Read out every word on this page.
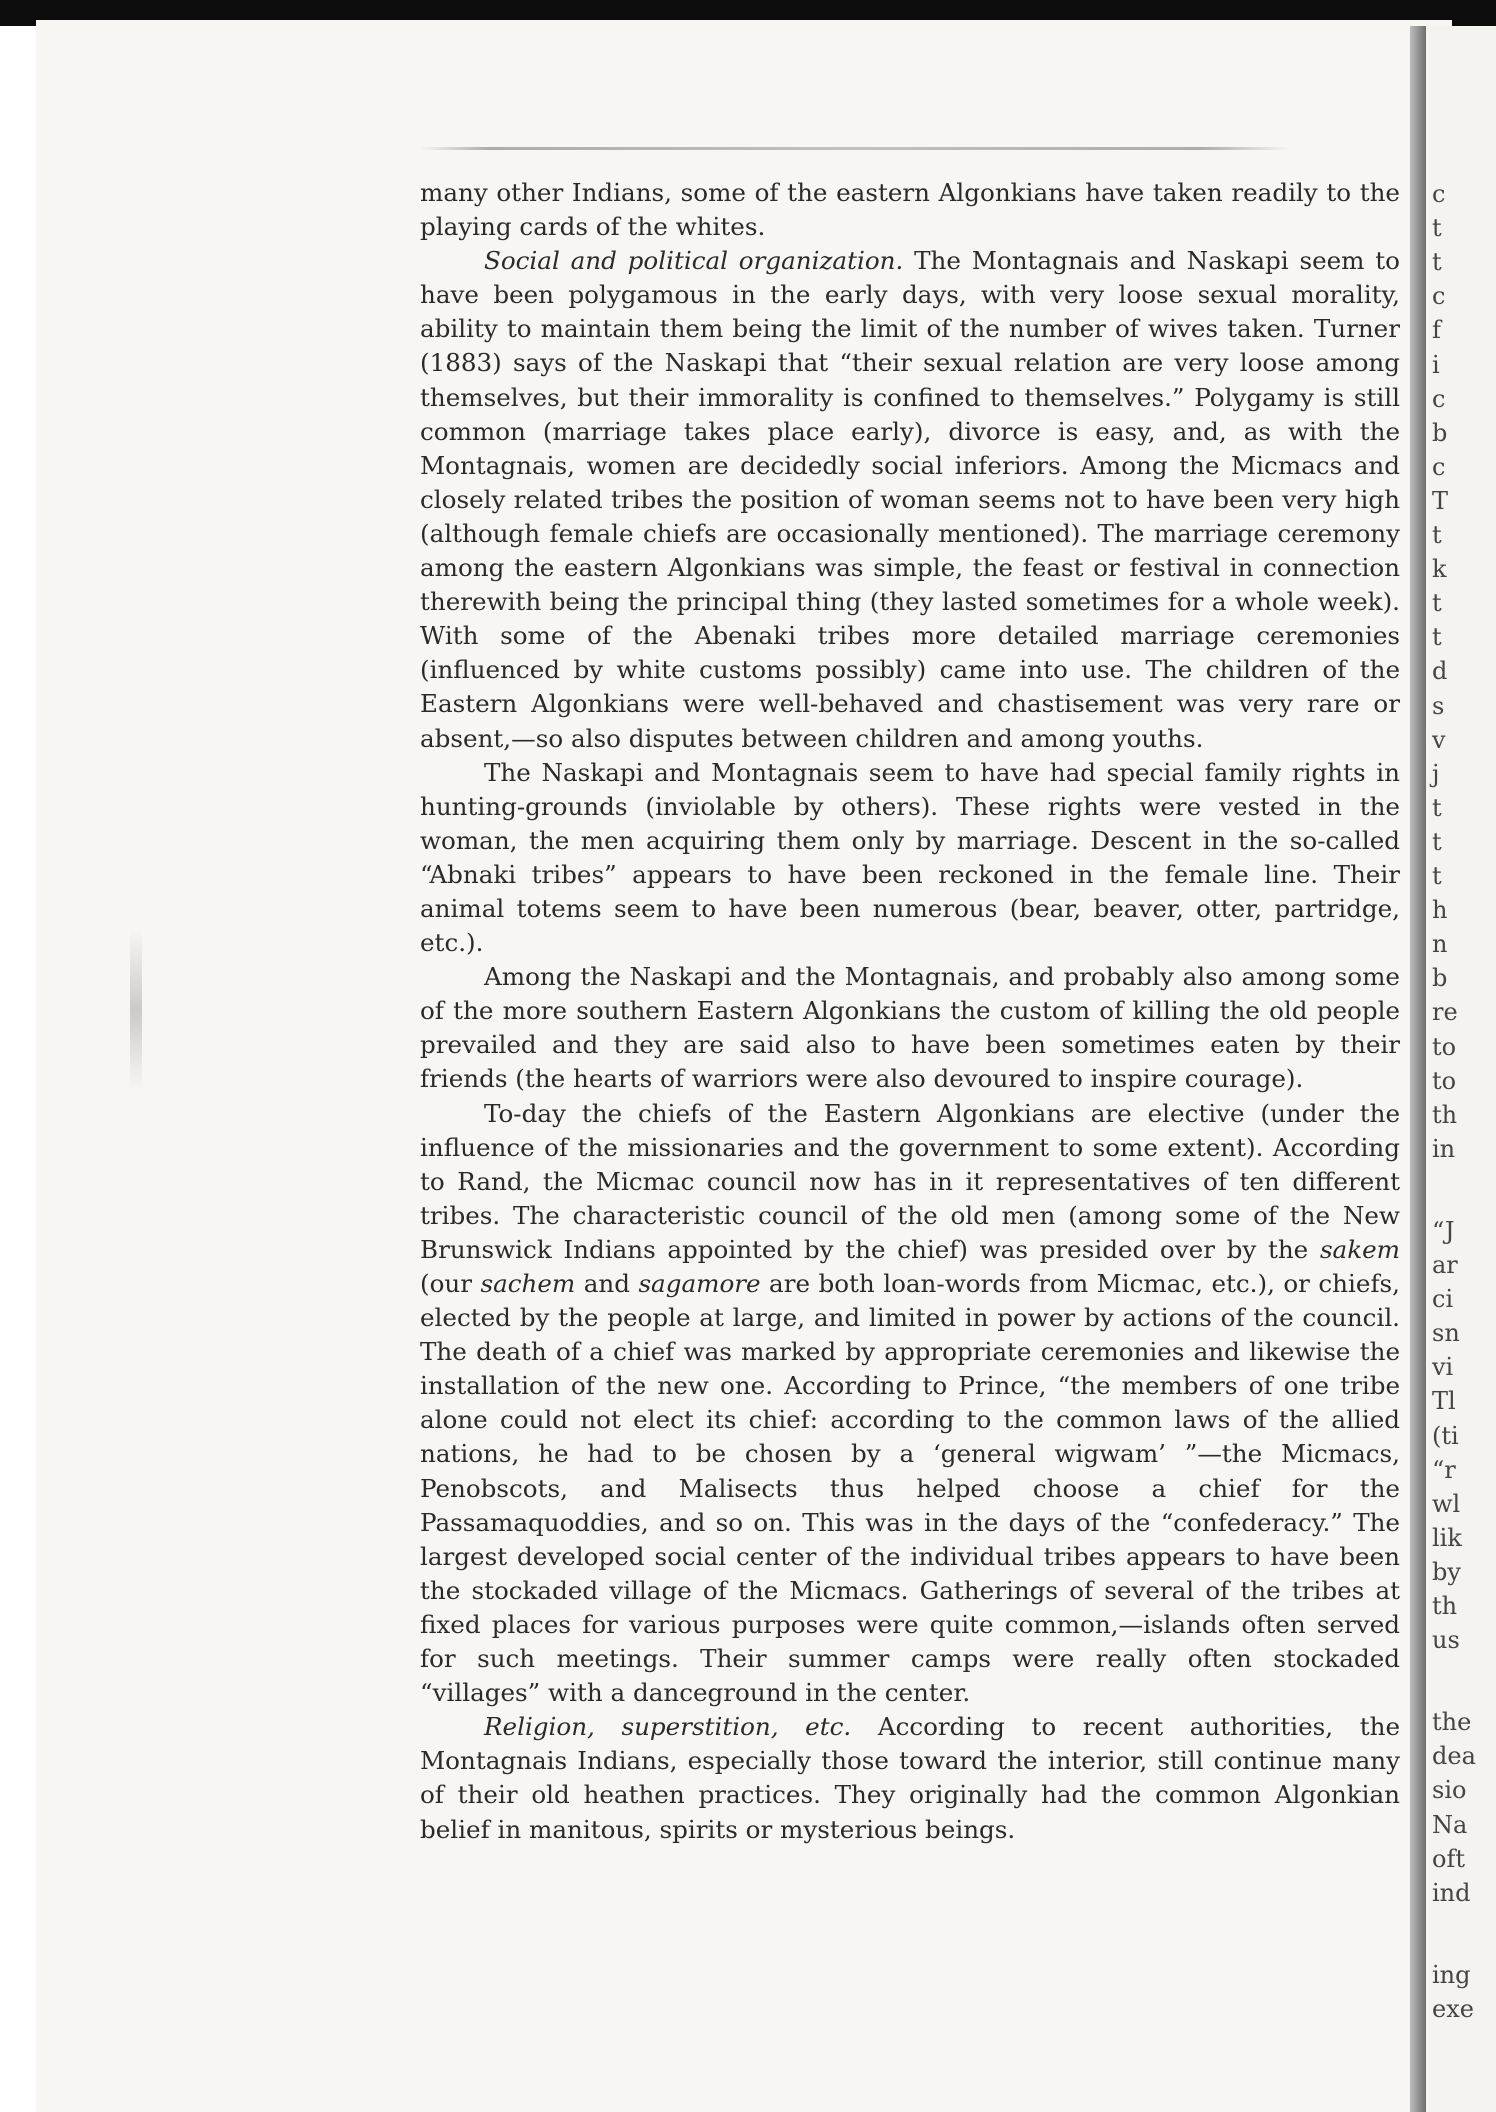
many other Indians, some of the eastern Algonkians have taken readily to the playing cards of the whites.

Social and political organization. The Montagnais and Naskapi seem to have been polygamous in the early days, with very loose sexual morality, ability to maintain them being the limit of the number of wives taken. Turner (1883) says of the Naskapi that “their sexual relation are very loose among themselves, but their immorality is confined to themselves.” Polygamy is still common (marriage takes place early), divorce is easy, and, as with the Montagnais, women are decidedly social inferiors. Among the Micmacs and closely related tribes the position of woman seems not to have been very high (although female chiefs are occasionally mentioned). The marriage ceremony among the eastern Algonkians was simple, the feast or festival in connection therewith being the principal thing (they lasted sometimes for a whole week). With some of the Abenaki tribes more detailed marriage ceremonies (influenced by white customs possibly) came into use. The children of the Eastern Algonkians were well-behaved and chastisement was very rare or absent,—so also disputes between children and among youths.

The Naskapi and Montagnais seem to have had special family rights in hunting-grounds (inviolable by others). These rights were vested in the woman, the men acquiring them only by marriage. Descent in the so-called “Abnaki tribes” appears to have been reckoned in the female line. Their animal totems seem to have been numerous (bear, beaver, otter, partridge, etc.).

Among the Naskapi and the Montagnais, and probably also among some of the more southern Eastern Algonkians the custom of killing the old people prevailed and they are said also to have been sometimes eaten by their friends (the hearts of warriors were also devoured to inspire courage).

To-day the chiefs of the Eastern Algonkians are elective (under the influence of the missionaries and the government to some extent). According to Rand, the Micmac council now has in it representatives of ten different tribes. The characteristic council of the old men (among some of the New Brunswick Indians appointed by the chief) was presided over by the sakem (our sachem and sagamore are both loan-words from Micmac, etc.), or chiefs, elected by the people at large, and limited in power by actions of the council. The death of a chief was marked by appropriate ceremonies and likewise the installation of the new one. According to Prince, “the members of one tribe alone could not elect its chief: according to the common laws of the allied nations, he had to be chosen by a ‘general wigwam’ ”—the Micmacs, Penobscots, and Malisects thus helped choose a chief for the Passamaquoddies, and so on. This was in the days of the “confederacy.” The largest developed social center of the individual tribes appears to have been the stockaded village of the Micmacs. Gatherings of several of the tribes at fixed places for various purposes were quite common,—islands often served for such meetings. Their summer camps were really often stockaded “villages” with a danceground in the center.

Religion, superstition, etc. According to recent authorities, the Montagnais Indians, especially those toward the interior, still continue many of their old heathen practices. They originally had the common Algonkian belief in manitous, spirits or mysterious beings.

c
t
t
c
f
i
c
b
c
T
t
k
t
t
d
s
v
j
t
t
t
h
n
b
re
to
to
th
in
“J
ar
ci
sn
vi
Tl
(ti
“r
wl
lik
by
th
us
the
dea
sio
Na
oft
ind
ing
exe
